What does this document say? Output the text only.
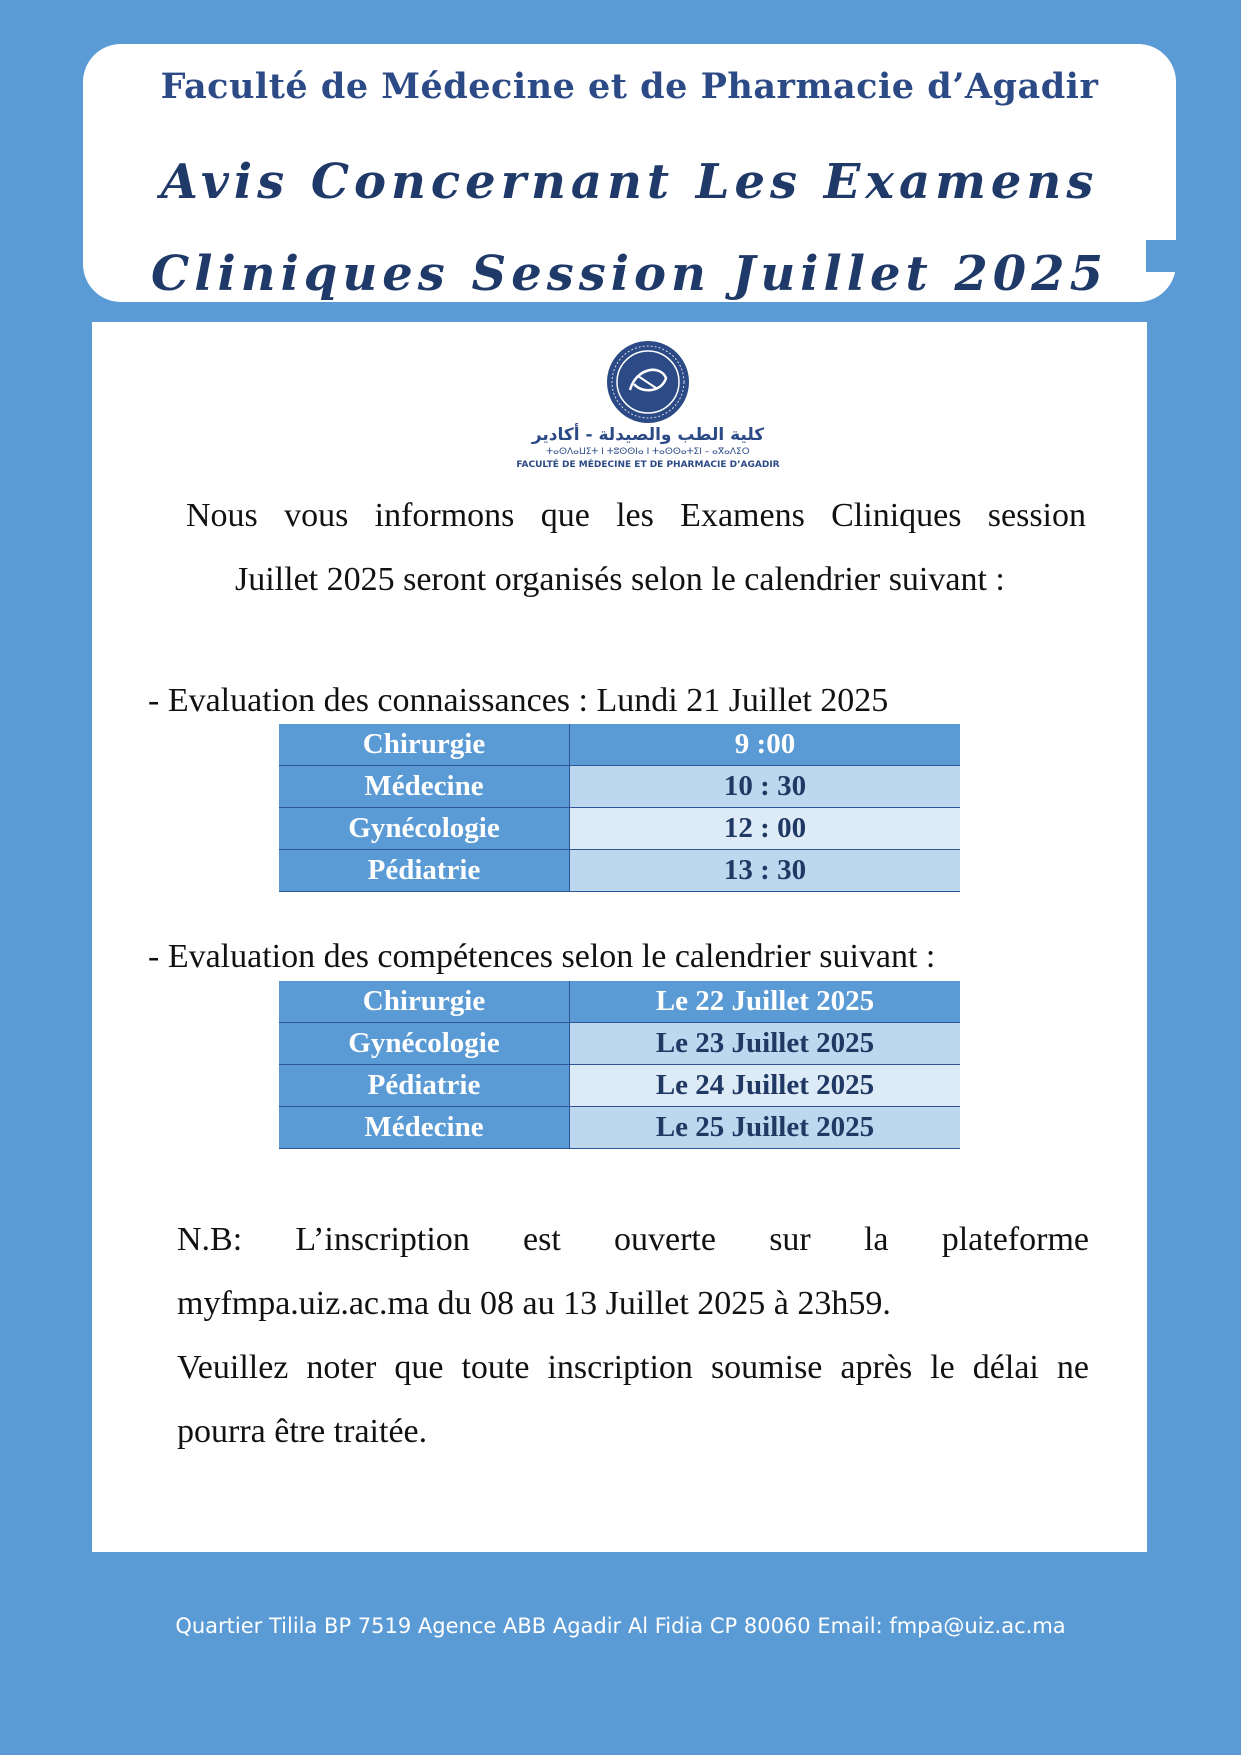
Faculté de Médecine et de Pharmacie d’Agadir
Avis Concernant Les Examens
Cliniques Session Juillet 2025
كلية الطب والصيدلة - أكادير
ⵜⴰⵙⴷⴰⵡⵉⵜ ⵏ ⵜⵓⵙⵙⵏⴰ ⵏ ⵜⴰⵙⵙⴰⵜⵉⵏ – ⴰⴳⴰⴷⵉⵔ
FACULTÉ DE MÉDECINE ET DE PHARMACIE D’AGADIR
Nous vous informons que les Examens Cliniques session
Juillet 2025 seront organisés selon le calendrier suivant :
- Evaluation des connaissances : Lundi 21 Juillet 2025
Chirurgie	9 :00
Médecine	10 : 30
Gynécologie	12 : 00
Pédiatrie	13 : 30
- Evaluation des compétences selon le calendrier suivant :
Chirurgie	Le 22 Juillet 2025
Gynécologie	Le 23 Juillet 2025
Pédiatrie	Le 24 Juillet 2025
Médecine	Le 25 Juillet 2025

N.B: L’inscription est ouverte sur la plateforme

myfmpa.uiz.ac.ma du 08 au 13 Juillet 2025 à 23h59.

Veuillez noter que toute inscription soumise après le délai ne

pourra être traitée.

Quartier Tilila BP 7519 Agence ABB Agadir Al Fidia CP 80060 Email: fmpa@uiz.ac.ma
